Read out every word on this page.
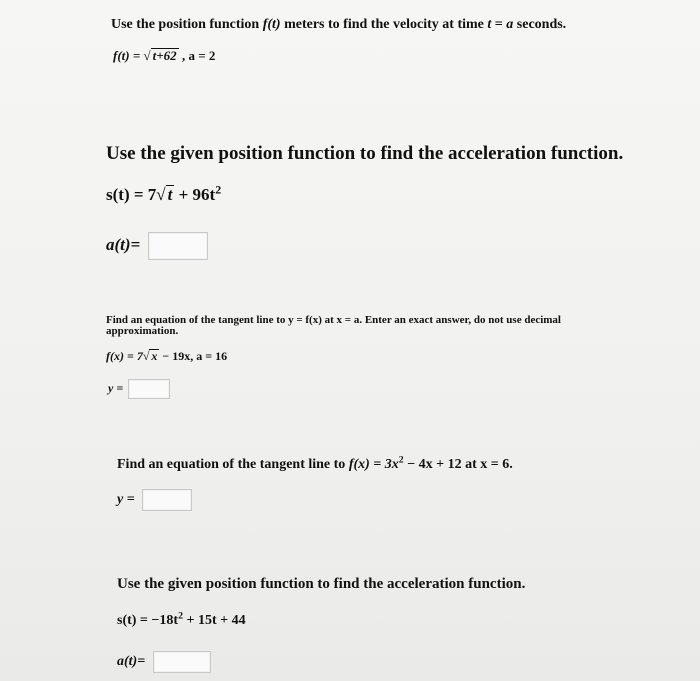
Use the position function f(t) meters to find the velocity at time t = a seconds.
f(t) = √ t+62 , a = 2
Use the given position function to find the acceleration function.
s(t) = 7√ $t + 96t^2$
a(t)=
Find an equation of the tangent line to y = f(x) at x = a. Enter an exact answer, do not use decimal
approximation.
f(x) = 7√ x − 19x, a = 16
y =
Find an equation of the tangent line to $f(x) = 3x^2 - 4x + 12$ at x = 6.
y =
Use the given position function to find the acceleration function.
$s(t) = -18t^2 + 15t + 44$
a(t)=
